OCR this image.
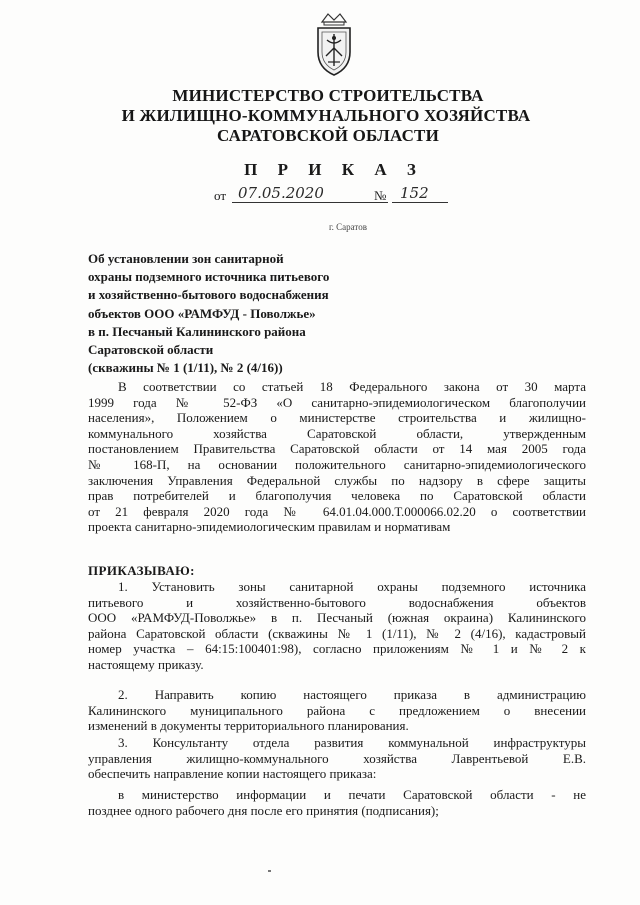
МИНИСТЕРСТВО СТРОИТЕЛЬСТВА
И ЖИЛИЩНО-КОММУНАЛЬНОГО ХОЗЯЙСТВА
САРАТОВСКОЙ ОБЛАСТИ
П Р И К А З
от 07.05.2020	№ 152
г. Саратов
Об установлении зон санитарной
охраны подземного источника питьевого
и хозяйственно-бытового водоснабжения
объектов ООО «РАМФУД - Поволжье»
в п. Песчаный Калининского района
Саратовской области
(скважины № 1 (1/11), № 2 (4/16))
В соответствии со статьей 18 Федерального закона от 30 марта
1999 года № 52-ФЗ «О санитарно-эпидемиологическом благополучии
населения», Положением о министерстве строительства и жилищно-
коммунального хозяйства Саратовской области, утвержденным
постановлением Правительства Саратовской области от 14 мая 2005 года
№ 168-П, на основании положительного санитарно-эпидемиологического
заключения Управления Федеральной службы по надзору в сфере защиты
прав потребителей и благополучия человека по Саратовской области
от 21 февраля 2020 года № 64.01.04.000.Т.000066.02.20 о соответствии
проекта санитарно-эпидемиологическим правилам и нормативам
ПРИКАЗЫВАЮ:
1. Установить зоны санитарной охраны подземного источника
питьевого и хозяйственно-бытового водоснабжения объектов
ООО «РАМФУД-Поволжье» в п. Песчаный (южная окраина) Калининского
района Саратовской области (скважины № 1 (1/11), № 2 (4/16), кадастровый
номер участка – 64:15:100401:98), согласно приложениям № 1 и № 2 к
настоящему приказу.
2. Направить копию настоящего приказа в администрацию
Калининского муниципального района с предложением о внесении
изменений в документы территориального планирования.
3. Консультанту отдела развития коммунальной инфраструктуры
управления жилищно-коммунального хозяйства Лаврентьевой Е.В.
обеспечить направление копии настоящего приказа:
в министерство информации и печати Саратовской области - не
позднее одного рабочего дня после его принятия (подписания);
